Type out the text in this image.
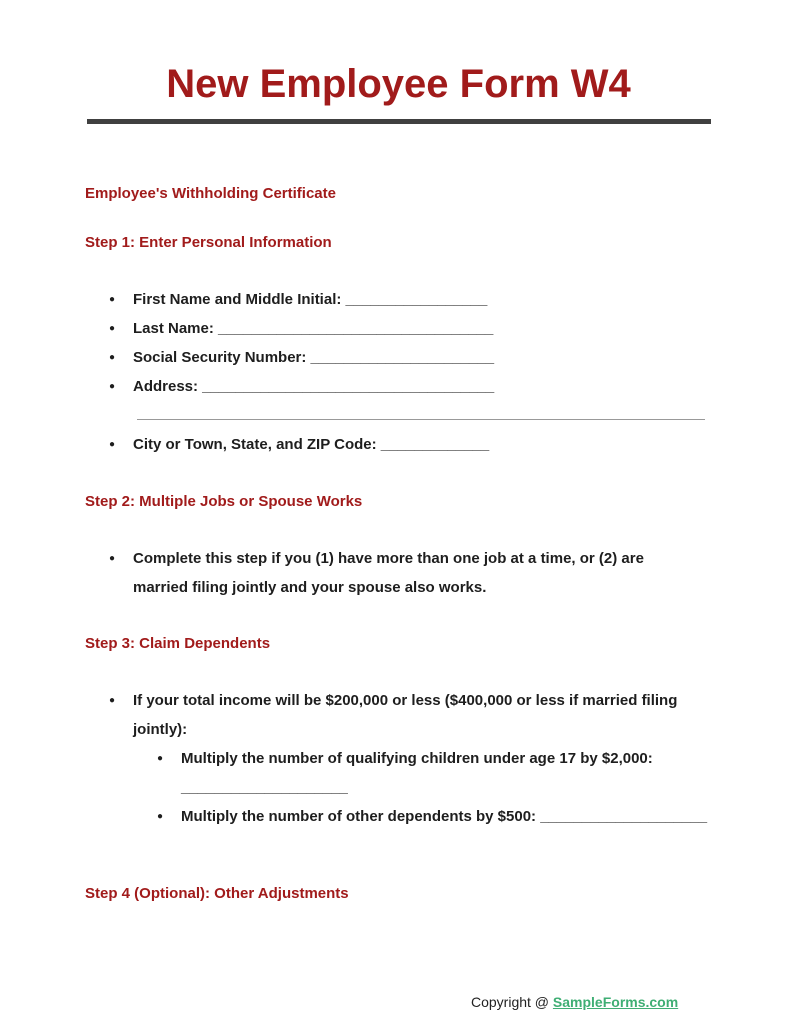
New Employee Form W4
Employee's Withholding Certificate
Step 1: Enter Personal Information
● First Name and Middle Initial: _________________
● Last Name: _________________________________
● Social Security Number: ______________________
● Address: ___________________________________
● City or Town, State, and ZIP Code: _____________
Step 2: Multiple Jobs or Spouse Works
● Complete this step if you (1) have more than one job at a time, or (2) are married filing jointly and your spouse also works.
Step 3: Claim Dependents
● If your total income will be $200,000 or less ($400,000 or less if married filing jointly):
● Multiply the number of qualifying children under age 17 by $2,000: ____________________
● Multiply the number of other dependents by $500: ____________________
Step 4 (Optional): Other Adjustments
Copyright @ SampleForms.com
